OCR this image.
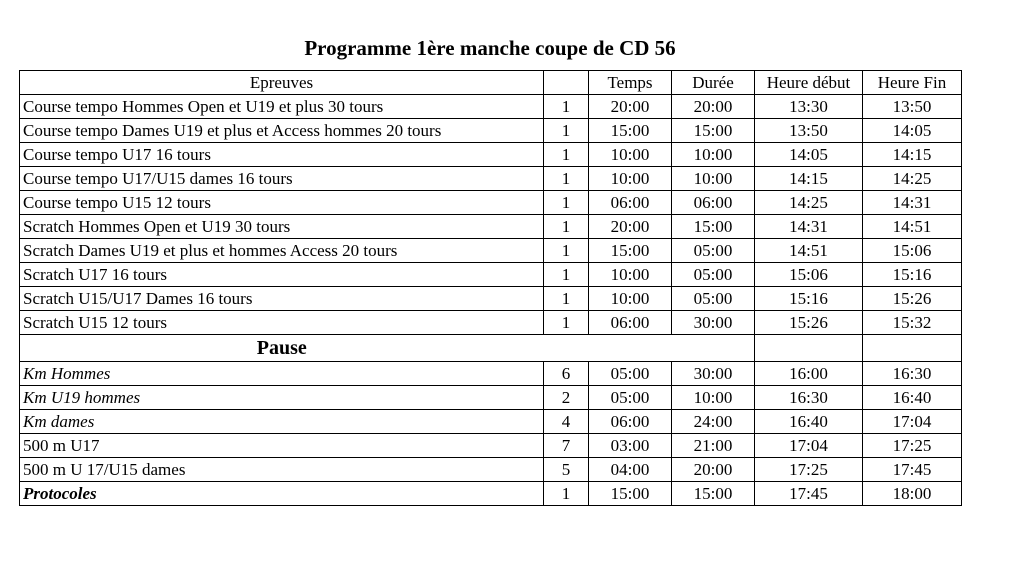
Programme 1ère manche coupe de CD 56
Epreuves		Temps	Durée	Heure début	Heure Fin
Course tempo Hommes Open et U19 et plus 30 tours	1	20:00	20:00	13:30	13:50
Course tempo Dames U19 et plus et Access hommes 20 tours	1	15:00	15:00	13:50	14:05
Course tempo U17 16 tours	1	10:00	10:00	14:05	14:15
Course tempo U17/U15 dames 16 tours	1	10:00	10:00	14:15	14:25
Course tempo U15 12 tours	1	06:00	06:00	14:25	14:31
Scratch Hommes Open et U19 30 tours	1	20:00	15:00	14:31	14:51
Scratch Dames U19 et plus et hommes Access 20 tours	1	15:00	05:00	14:51	15:06
Scratch U17 16 tours	1	10:00	05:00	15:06	15:16
Scratch U15/U17 Dames 16 tours	1	10:00	05:00	15:16	15:26
Scratch U15 12 tours	1	06:00	30:00	15:26	15:32
Pause					
Km Hommes	6	05:00	30:00	16:00	16:30
Km U19 hommes	2	05:00	10:00	16:30	16:40
Km dames	4	06:00	24:00	16:40	17:04
500 m U17	7	03:00	21:00	17:04	17:25
500 m U 17/U15 dames	5	04:00	20:00	17:25	17:45
Protocoles	1	15:00	15:00	17:45	18:00
